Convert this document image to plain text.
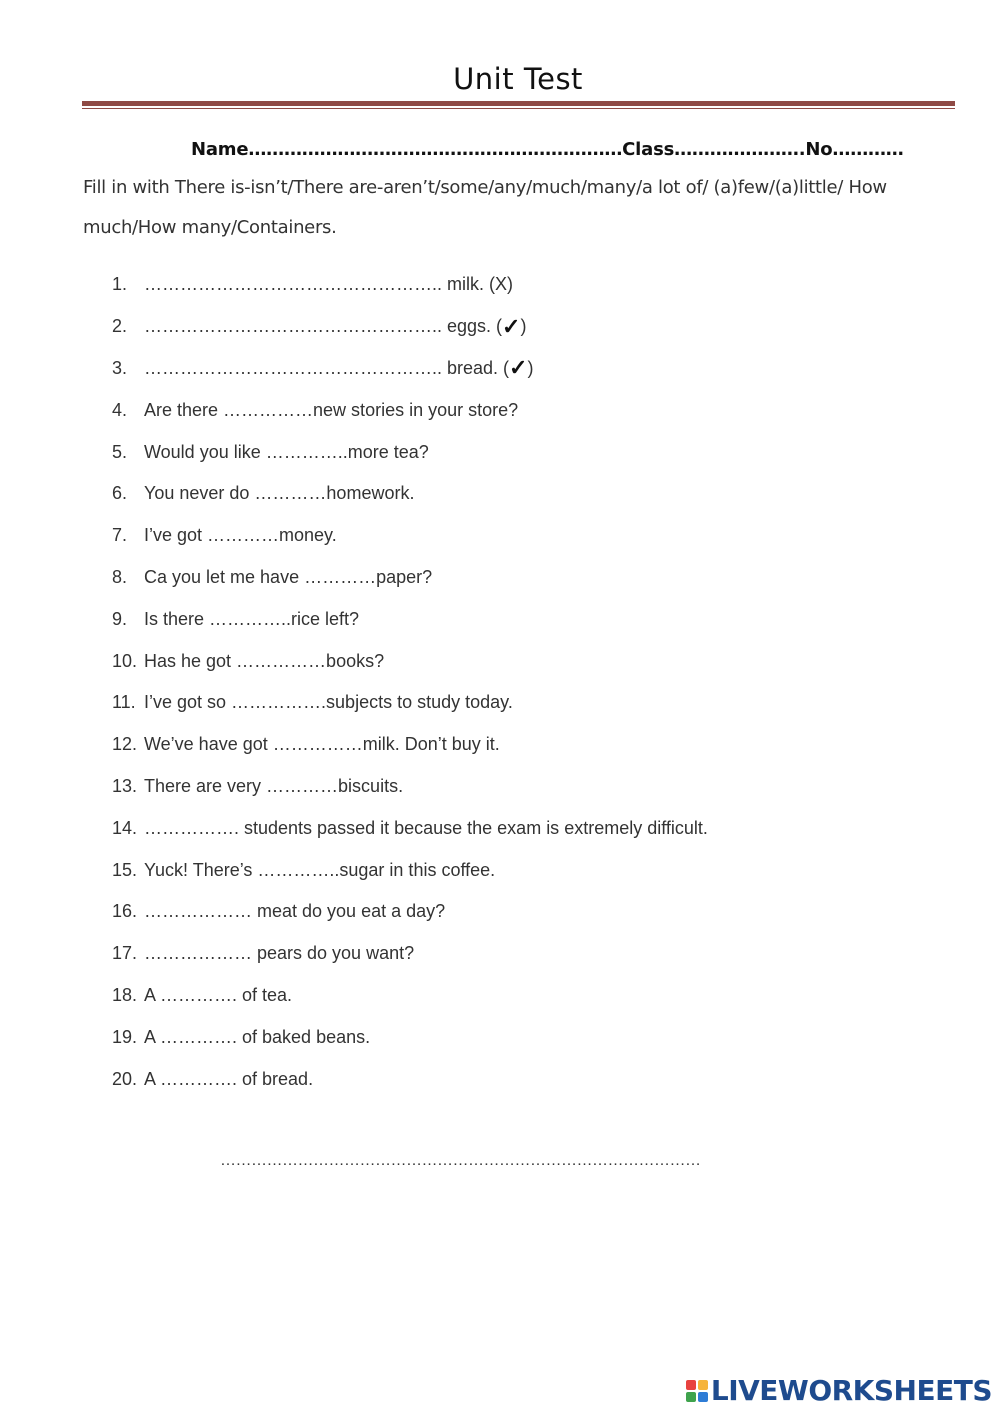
Unit Test
Name………………………………………………………Class………………….No…………
Fill in with There is-isn’t/There are-aren’t/some/any/much/many/a lot of/ (a)few/(a)little/ How much/How many/Containers.
1. ………………………………………….. milk. (X)
2. ………………………………………….. eggs. ( ✓ )
3. ………………………………………….. bread. ( ✓ )
4. Are there ……………new stories in your store?
5. Would you like …………..more tea?
6. You never do …………homework.
7. I’ve got …………money.
8. Ca you let me have …………paper?
9. Is there …………..rice left?
10. Has he got ……………books?
11. I’ve got so …………….subjects to study today.
12. We’ve have got ……………milk. Don’t buy it.
13. There are very …………biscuits.
14. ……………. students passed it because the exam is extremely difficult.
15. Yuck! There’s …………..sugar in this coffee.
16. ……………… meat do you eat a day?
17. ……………… pears do you want?
18. A …………. of tea.
19. A …………. of baked beans.
20. A …………. of bread.
…………………………………………………………………………………
LIVEWORKSHEETS
